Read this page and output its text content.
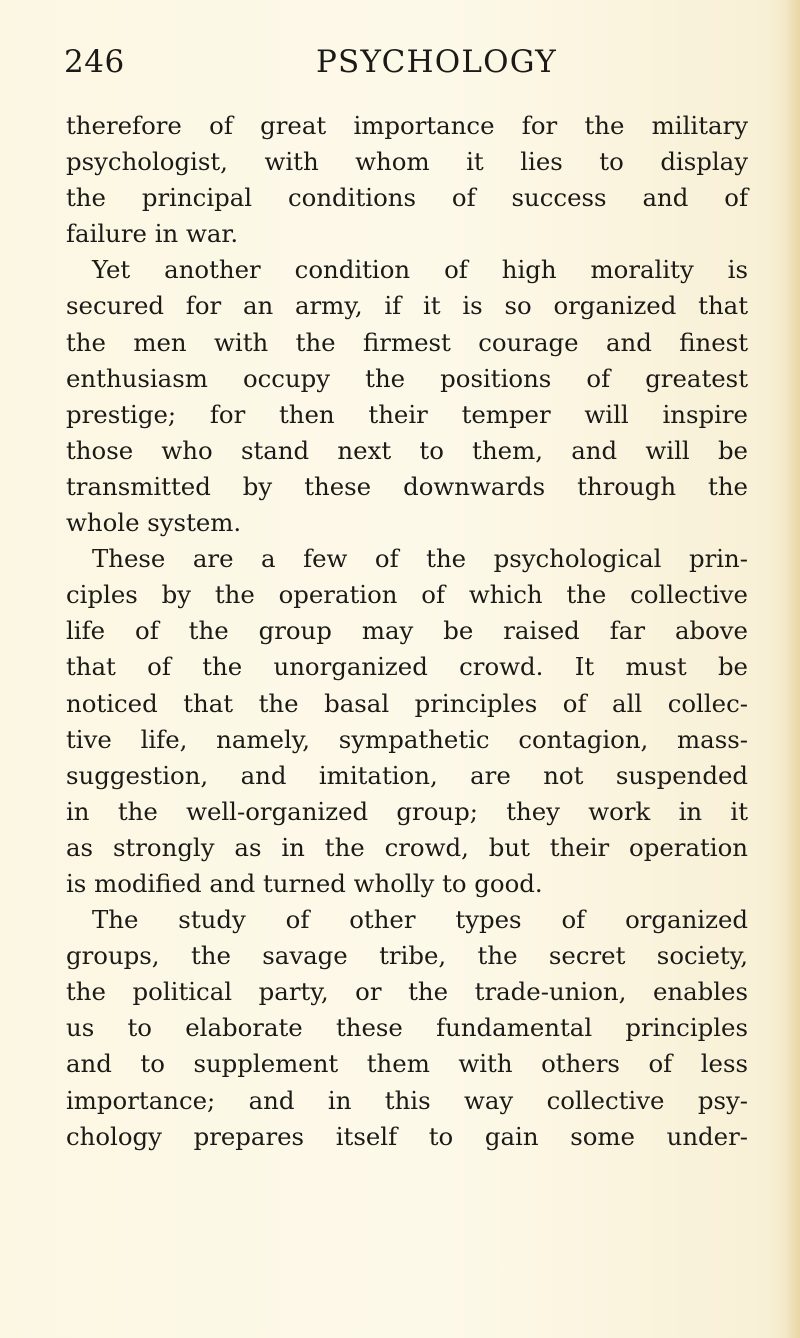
246	PSYCHOLOGY
therefore of great importance for the military
psychologist, with whom it lies to display
the principal conditions of success and of
failure in war.
Yet another condition of high morality is
secured for an army, if it is so organized that
the men with the firmest courage and finest
enthusiasm occupy the positions of greatest
prestige; for then their temper will inspire
those who stand next to them, and will be
transmitted by these downwards through the
whole system.
These are a few of the psychological prin-
ciples by the operation of which the collective
life of the group may be raised far above
that of the unorganized crowd. It must be
noticed that the basal principles of all collec-
tive life, namely, sympathetic contagion, mass-
suggestion, and imitation, are not suspended
in the well-organized group; they work in it
as strongly as in the crowd, but their operation
is modified and turned wholly to good.
The study of other types of organized
groups, the savage tribe, the secret society,
the political party, or the trade-union, enables
us to elaborate these fundamental principles
and to supplement them with others of less
importance; and in this way collective psy-
chology prepares itself to gain some under-
